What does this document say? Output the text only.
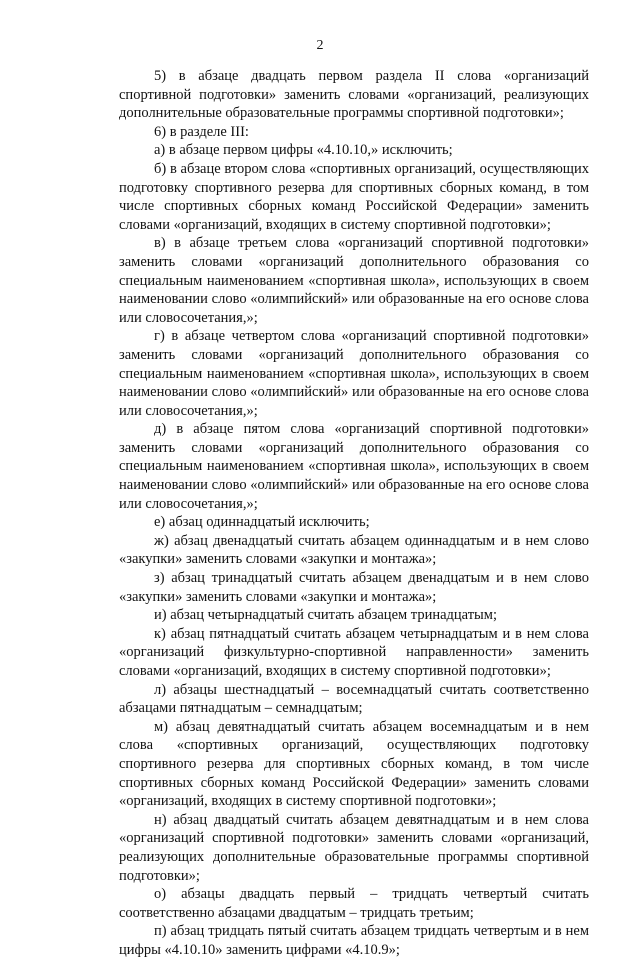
2

5) в абзаце двадцать первом раздела II слова «организаций спортивной подготовки» заменить словами «организаций, реализующих дополнительные образовательные программы спортивной подготовки»;

6) в разделе III:

а) в абзаце первом цифры «4.10.10,» исключить;

б) в абзаце втором слова «спортивных организаций, осуществляющих подготовку спортивного резерва для спортивных сборных команд, в том числе спортивных сборных команд Российской Федерации» заменить словами «организаций, входящих в систему спортивной подготовки»;

в) в абзаце третьем слова «организаций спортивной подготовки» заменить словами «организаций дополнительного образования со специальным наименованием «спортивная школа», использующих в своем наименовании слово «олимпийский» или образованные на его основе слова или словосочетания,»;

г) в абзаце четвертом слова «организаций спортивной подготовки» заменить словами «организаций дополнительного образования со специальным наименованием «спортивная школа», использующих в своем наименовании слово «олимпийский» или образованные на его основе слова или словосочетания,»;

д) в абзаце пятом слова «организаций спортивной подготовки» заменить словами «организаций дополнительного образования со специальным наименованием «спортивная школа», использующих в своем наименовании слово «олимпийский» или образованные на его основе слова или словосочетания,»;

е) абзац одиннадцатый исключить;

ж) абзац двенадцатый считать абзацем одиннадцатым и в нем слово «закупки» заменить словами «закупки и монтажа»;

з) абзац тринадцатый считать абзацем двенадцатым и в нем слово «закупки» заменить словами «закупки и монтажа»;

и) абзац четырнадцатый считать абзацем тринадцатым;

к) абзац пятнадцатый считать абзацем четырнадцатым и в нем слова «организаций физкультурно-спортивной направленности» заменить словами «организаций, входящих в систему спортивной подготовки»;

л) абзацы шестнадцатый – восемнадцатый считать соответственно абзацами пятнадцатым – семнадцатым;

м) абзац девятнадцатый считать абзацем восемнадцатым и в нем слова «спортивных организаций, осуществляющих подготовку спортивного резерва для спортивных сборных команд, в том числе спортивных сборных команд Российской Федерации» заменить словами «организаций, входящих в систему спортивной подготовки»;

н) абзац двадцатый считать абзацем девятнадцатым и в нем слова «организаций спортивной подготовки» заменить словами «организаций, реализующих дополнительные образовательные программы спортивной подготовки»;

о) абзацы двадцать первый – тридцать четвертый считать соответственно абзацами двадцатым – тридцать третьим;

п) абзац тридцать пятый считать абзацем тридцать четвертым и в нем цифры «4.10.10» заменить цифрами «4.10.9»;
